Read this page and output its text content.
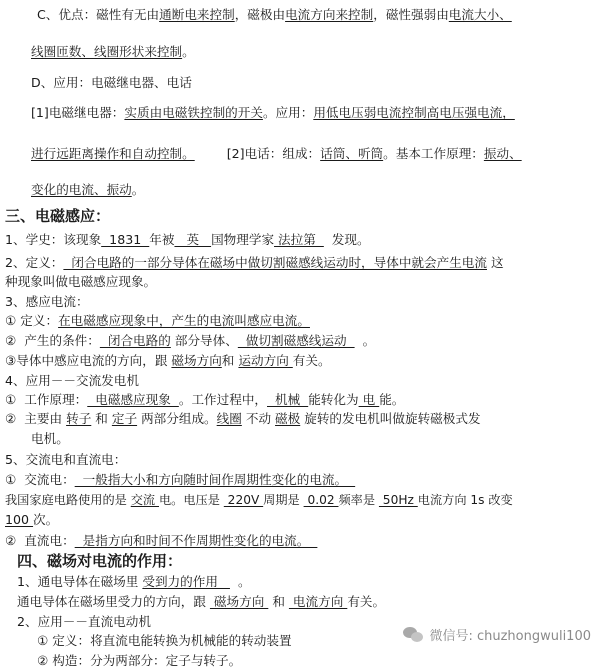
C、优点：磁性有无由通断电来控制，磁极由电流方向来控制，磁性强弱由电流大小、
线圈匝数、线圈形状来控制。
D、应用：电磁继电器、电话
[1]电磁继电器：实质由电磁铁控制的开关。应用：用低电压弱电流控制高电压强电流，
进行远距离操作和自动控制。        [2]电话：组成：话筒、听筒。基本工作原理：振动、
变化的电流、振动。
三、电磁感应：
1、学史：该现象  1831  年被   英   国物理学家 法拉第    发现。
2、定义：  闭合电路的一部分导体在磁场中做切割磁感线运动时，导体中就会产生电流 这
种现象叫做电磁感应现象。
3、感应电流：
① 定义：在电磁感应现象中，产生的电流叫感应电流。
②  产生的条件：  闭合电路的 部分导体、  做切割磁感线运动    。
③导体中感应电流的方向，跟 磁场方向和 运动方向 有关。
4、应用－－交流发电机
①  工作原理：  电磁感应现象  。工作过程中，  机械  能转化为 电 能。
②  主要由 转子 和 定子 两部分组成。线圈 不动 磁极 旋转的发电机叫做旋转磁极式发
电机。
5、交流电和直流电：
①  交流电：  一般指大小和方向随时间作周期性变化的电流。
我国家庭电路使用的是 交流 电。电压是  220V 周期是  0.02 频率是  50Hz 电流方向 1s 改变
100 次。
②  直流电：  是指方向和时间不作周期性变化的电流。
四、磁场对电流的作用：
1、通电导体在磁场里 受到力的作用     。
通电导体在磁场里受力的方向，跟  磁场方向  和  电流方向 有关。
2、应用－－直流电动机
① 定义：将直流电能转换为机械能的转动装置
② 构造：分为两部分：定子与转子。
微信号: chuzhongwuli100
